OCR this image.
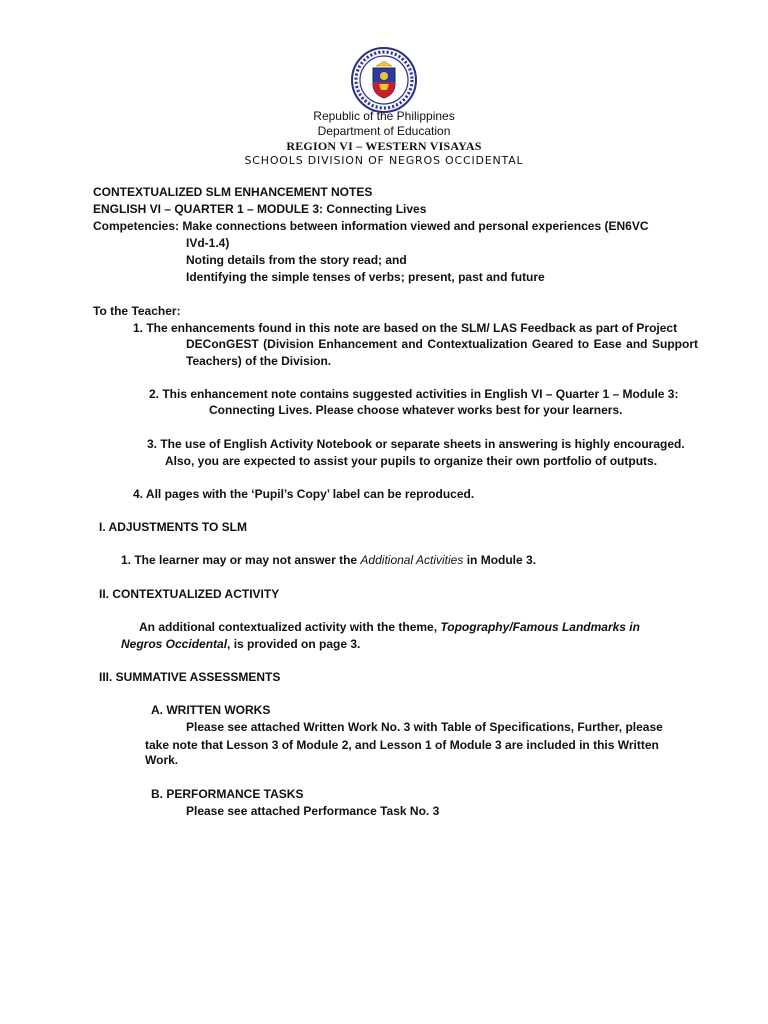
Republic of the Philippines
Department of Education
REGION VI – WESTERN VISAYAS
SCHOOLS DIVISION OF NEGROS OCCIDENTAL
CONTEXTUALIZED SLM ENHANCEMENT NOTES
ENGLISH VI – QUARTER 1 – MODULE 3: Connecting Lives
Competencies: Make connections between information viewed and personal experiences (EN6VC
IVd-1.4)
Noting details from the story read; and
Identifying the simple tenses of verbs; present, past and future
To the Teacher:
1. The enhancements found in this note are based on the SLM/ LAS Feedback as part of Project
DEConGEST (Division Enhancement and Contextualization Geared to Ease and Support
Teachers) of the Division.
2. This enhancement note contains suggested activities in English VI – Quarter 1 – Module 3:
Connecting Lives. Please choose whatever works best for your learners.
3. The use of English Activity Notebook or separate sheets in answering is highly encouraged.
Also, you are expected to assist your pupils to organize their own portfolio of outputs.
4. All pages with the ‘Pupil’s Copy’ label can be reproduced.
I. ADJUSTMENTS TO SLM
1. The learner may or may not answer the Additional Activities in Module 3.
II. CONTEXTUALIZED ACTIVITY
An additional contextualized activity with the theme, Topography/Famous Landmarks in
Negros Occidental, is provided on page 3.
III. SUMMATIVE ASSESSMENTS
A. WRITTEN WORKS
Please see attached Written Work No. 3 with Table of Specifications, Further, please
take note that Lesson 3 of Module 2, and Lesson 1 of Module 3 are included in this Written
Work.
B. PERFORMANCE TASKS
Please see attached Performance Task No. 3
